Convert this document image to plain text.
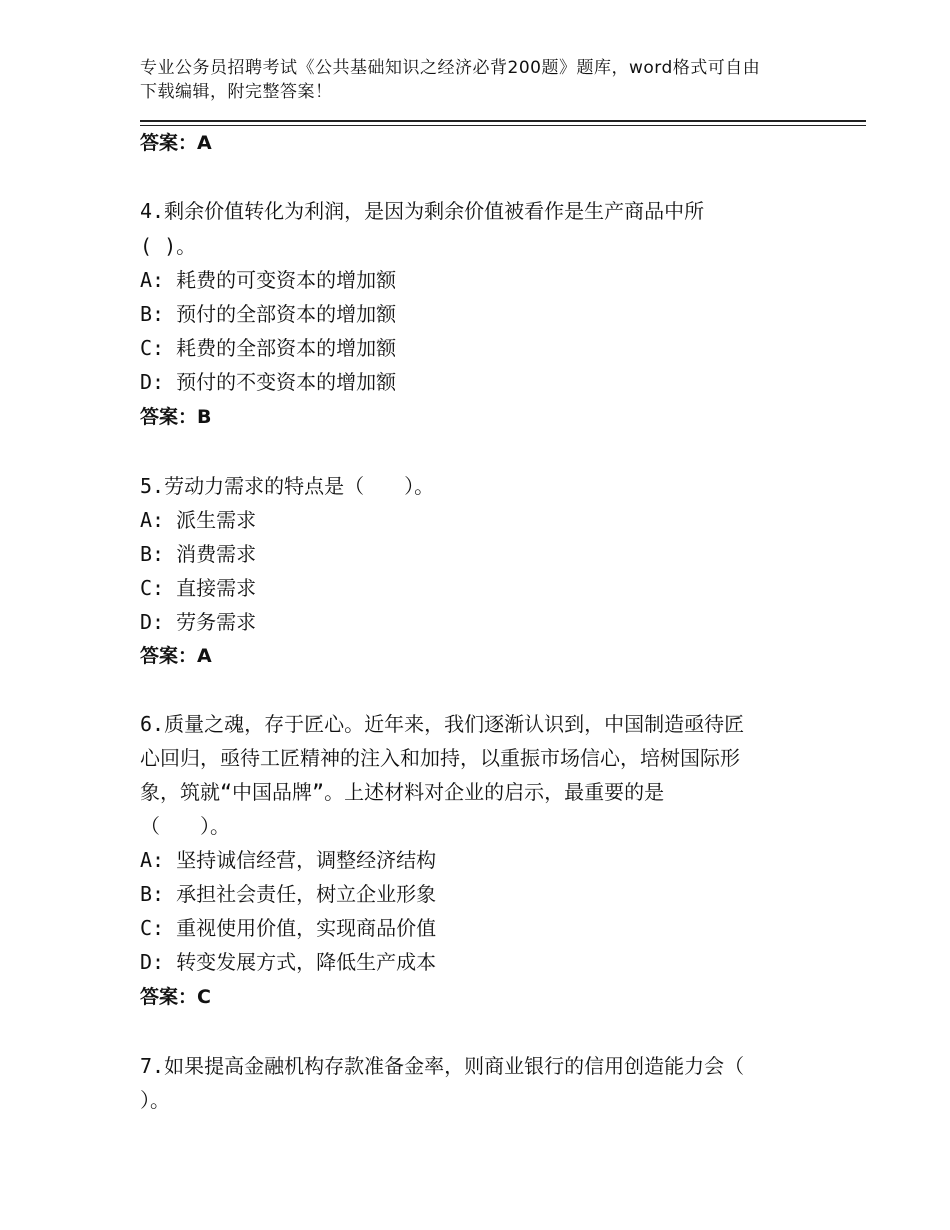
专业公务员招聘考试《公共基础知识之经济必背200题》题库，word格式可自由
下载编辑，附完整答案！
答案：A
4.剩余价值转化为利润，是因为剩余价值被看作是生产商品中所
( )。
A: 耗费的可变资本的增加额
B: 预付的全部资本的增加额
C: 耗费的全部资本的增加额
D: 预付的不变资本的增加额
答案：B
5.劳动力需求的特点是（　　）。
A: 派生需求
B: 消费需求
C: 直接需求
D: 劳务需求
答案：A
6.质量之魂，存于匠心。近年来，我们逐渐认识到，中国制造亟待匠
心回归，亟待工匠精神的注入和加持，以重振市场信心，培树国际形
象，筑就“中国品牌”。上述材料对企业的启示，最重要的是
（　　）。
A: 坚持诚信经营，调整经济结构
B: 承担社会责任，树立企业形象
C: 重视使用价值，实现商品价值
D: 转变发展方式，降低生产成本
答案：C
7.如果提高金融机构存款准备金率，则商业银行的信用创造能力会（
）。
